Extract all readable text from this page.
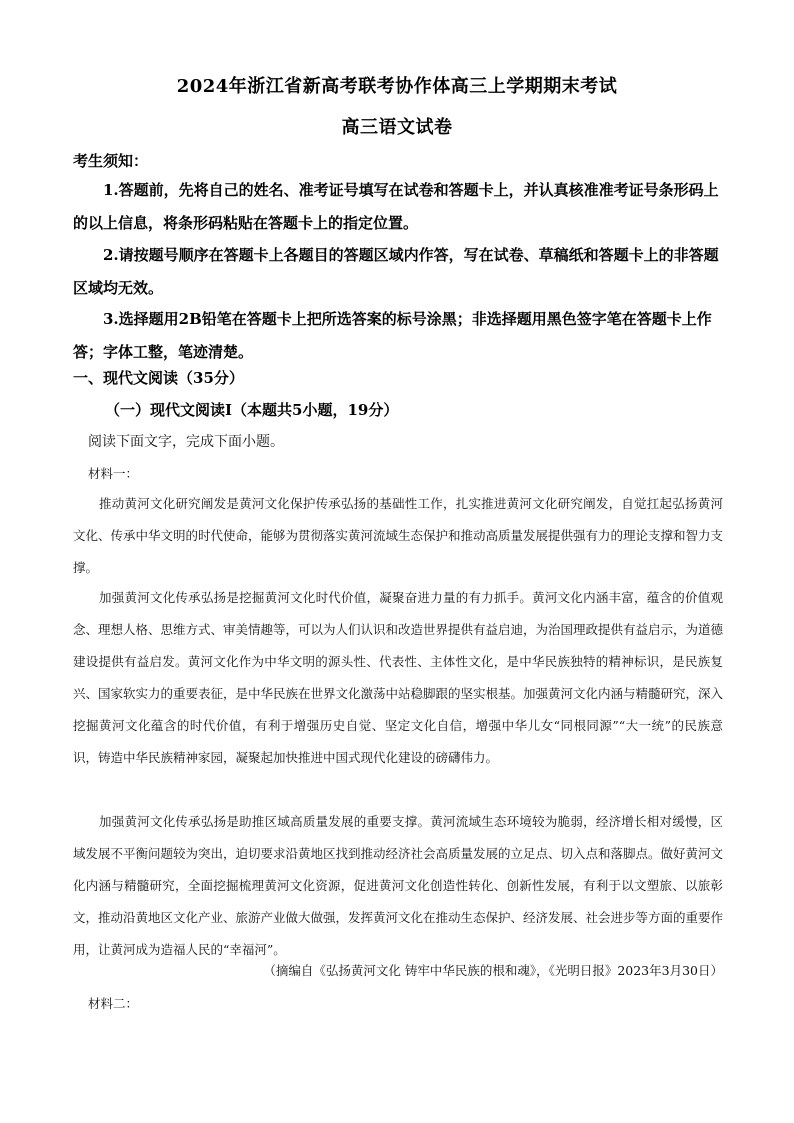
2024年浙江省新高考联考协作体高三上学期期末考试
高三语文试卷
考生须知：
1.答题前，先将自己的姓名、准考证号填写在试卷和答题卡上，并认真核准准考证号条形码上的以上信息，将条形码粘贴在答题卡上的指定位置。
2.请按题号顺序在答题卡上各题目的答题区域内作答，写在试卷、草稿纸和答题卡上的非答题区域均无效。
3.选择题用2B铅笔在答题卡上把所选答案的标号涂黑；非选择题用黑色签字笔在答题卡上作答；字体工整，笔迹清楚。
一、现代文阅读（35分）
（一）现代文阅读Ⅰ（本题共5小题，19分）
阅读下面文字，完成下面小题。
材料一：
推动黄河文化研究阐发是黄河文化保护传承弘扬的基础性工作，扎实推进黄河文化研究阐发，自觉扛起弘扬黄河文化、传承中华文明的时代使命，能够为贯彻落实黄河流域生态保护和推动高质量发展提供强有力的理论支撑和智力支撑。
加强黄河文化传承弘扬是挖掘黄河文化时代价值，凝聚奋进力量的有力抓手。黄河文化内涵丰富，蕴含的价值观念、理想人格、思维方式、审美情趣等，可以为人们认识和改造世界提供有益启迪，为治国理政提供有益启示，为道德建设提供有益启发。黄河文化作为中华文明的源头性、代表性、主体性文化，是中华民族独特的精神标识，是民族复兴、国家软实力的重要表征，是中华民族在世界文化激荡中站稳脚跟的坚实根基。加强黄河文化内涵与精髓研究，深入挖掘黄河文化蕴含的时代价值，有利于增强历史自觉、坚定文化自信，增强中华儿女“同根同源”“大一统”的民族意识，铸造中华民族精神家园，凝聚起加快推进中国式现代化建设的磅礴伟力。
加强黄河文化传承弘扬是助推区域高质量发展的重要支撑。黄河流域生态环境较为脆弱，经济增长相对缓慢，区域发展不平衡问题较为突出，迫切要求沿黄地区找到推动经济社会高质量发展的立足点、切入点和落脚点。做好黄河文化内涵与精髓研究，全面挖掘梳理黄河文化资源，促进黄河文化创造性转化、创新性发展，有利于以文塑旅、以旅彰文，推动沿黄地区文化产业、旅游产业做大做强，发挥黄河文化在推动生态保护、经济发展、社会进步等方面的重要作用，让黄河成为造福人民的“幸福河”。
（摘编自《弘扬黄河文化 铸牢中华民族的根和魂》，《光明日报》2023年3月30日）
材料二：
